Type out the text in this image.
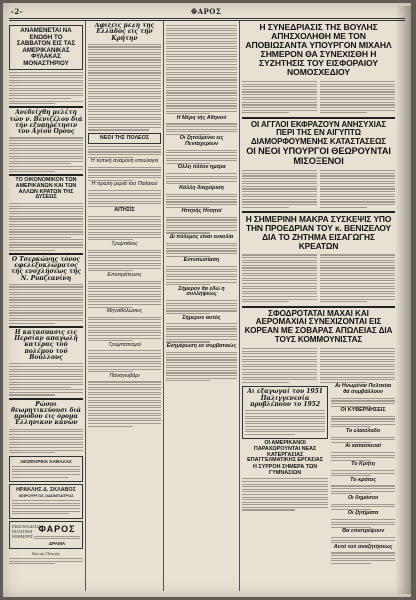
-2-	ΦΑΡΟΣ

ΑΝΑΜΕΝΕΤΑΙ ΝΑ ΕΝΩΘΗ ΤΟ ΣΑΒΒΑΤΟΝ ΕΙΣ ΤΑΣ ΑΜΕΡΙΚΑΝΙΚΑΣ ΦΥΛΑΚΑΣ ΜΟΝΑΣΤΗΡΙΟΥ

Ανεδείχθη μελέτη τών ν. Βενιζέλου διά τήν εξυπηρέτησιν του Αγίου Όρους

ΤΟ ΟΙΚΟΝΟΜΙΚΟΝ ΤΩΝ ΑΜΕΡΙΚΑΝΩΝ ΚΑΙ ΤΩΝ ΑΛΛΩΝ ΚΡΑΤΩΝ ΤΗΣ ΔΥΣΕΩΣ

Ο Τσερκώνης τόνος εφελεξυκλώματος τής ενοχλήσεως τής Ν. Ρυπζεανίνη

Η κατασπασις εις Περσίαν απαγωλή κατέρας τού πολέμου τού Βούλλους

Ρώσοι θεωρητικεύουσι διά προόδου εις όρομα Έλληνικον κανών

ΛΕΩΦΟΡΕΙΑ ΚΑΒΑΛΑΣ
ΗΡΑΚΛΗΣ Δ. ΣΚΛΑΒΟΣ
ΧΕΙΡΟΥΡΓΟΣ ΟΔΟΝΤΙΑΤΡΟΣ
ΕΒΔΟΜΑΔΙΑΙΑ ΠΟΛΙΤΙΚΗ ΕΦΗΜΕΡΙΣ
ΦΑΡΟΣ
ΔΡΑΜΑ
Ιδρυτής Ποιητής

Άφιξεις μέλη τής Ελλάδος είς τήν Κρήτην

ΝΕΟΙ ΤΗΣ ΠΟΛΕΟΣ

Η τυπική αναμονή επευλογεί

Η πρώτη μεριά τού Παλαιού

ΑΙΤΗΣΙΣ

Τρομπάκες

Επιστράτευσις

Μηναθόλωσεις

Τρομπατισμοί

Παναγιοβάρι

Η Μέρη τής Αθηνού

Οι ζητούμενοι εις Πενταχερίων

Όλλη πλέον ημέρα

Κάλλη διαχείριση

Ηττητής Ηττητοί

Δι πόλεμος είναι ευκολία

Εντυπωσίαση

Σήμερον θα εδώ η συλλήψεως

Σήμερον αυτός

Ενημέρωση εκ συμβατικώς

Η ΣΥΝΕΔΡΙΑΣΙΣ ΤΗΣ ΒΟΥΛΗΣ ΑΠΗΣΧΟΛΗΘΗ ΜΕ ΤΟΝ ΑΠΟΒΙΩΣΑΝΤΑ ΥΠΟΥΡΓΟΝ ΜΙΧΑΗΛ ΣΗΜΕΡΟΝ ΘΑ ΣΥΝΕΧΙΣΘΗ Η ΣΥΖΗΤΗΣΙΣ ΤΟΥ ΕΙΣΦΟΡΑΙΟΥ ΝΟΜΟΣΧΕΔΙΟΥ

ΟΙ ΑΓΓΛΟΙ ΕΚΦΡΑΖΟΥΝ ΑΝΗΣΥΧΙΑΣ ΠΕΡΙ ΤΗΣ ΕΝ ΑΙΓΥΠΤΩ ΔΙΑΜΟΡΦΟΥΜΕΝΗΣ ΚΑΤΑΣΤΑΣΕΩΣ

ΟΙ ΝΕΟΙ ΥΠΟΥΡΓΟΙ ΘΕΩΡΟΥΝΤΑΙ ΜΙΣΟΞΕΝΟΙ

Η ΣΗΜΕΡΙΝΗ ΜΑΚΡΑ ΣΥΣΚΕΨΙΣ ΥΠΟ ΤΗΝ ΠΡΟΕΔΡΙΑΝ ΤΟΥ κ. ΒΕΝΙΖΕΛΟΥ ΔΙΑ ΤΟ ΖΗΤΗΜΑ ΕΙΣΑΓΩΓΗΣ ΚΡΕΑΤΩΝ

ΣΦΟΔΡΟΤΑΤΑΙ ΜΑΧΑΙ ΚΑΙ ΑΕΡΟΜΑΧΙΑΙ ΣΥΝΕΧΙΖΟΝΤΑΙ ΕΙΣ ΚΟΡΕΑΝ ΜΕ ΣΟΒΑΡΑΣ ΑΠΩΛΕΙΑΣ ΔΙΑ ΤΟΥΣ ΚΟΜΜΟΥΝΙΣΤΑΣ

Αι εξαγωγαί του 1951 Παλιγγενεσία προβλέπουν το 1952

ΟΙ ΑΜΕΡΙΚΑΝΟΙ ΠΑΡΑΧΩΡΟΥΝΤΑΙ ΝΕΑΣ ΚΑΤΕΡΓΑΣΙΑΣ ΕΠΑΓΓΕΛΜΑΤΙΚΗΣ ΕΡΓΑΣΙΑΣ

Η ΣΥΡΡΟΗ ΣΗΜΕΡΑ ΤΩΝ ΓΥΜΝΑΣΙΩΝ

Αι Ηνωμέναι Πολιτείαι θά συμβάλλουν

ΟΙ ΚΥΒΕΡΝΗΣΕΙΣ

Το ελαιόλαδο

Αι κατασκευαί

Το Κρήτη

Το κράτος

Οι δημόσιοι

Οι ζητήματα

Θα επιστρέψουν

Αυτό τού αναζητήσεως
